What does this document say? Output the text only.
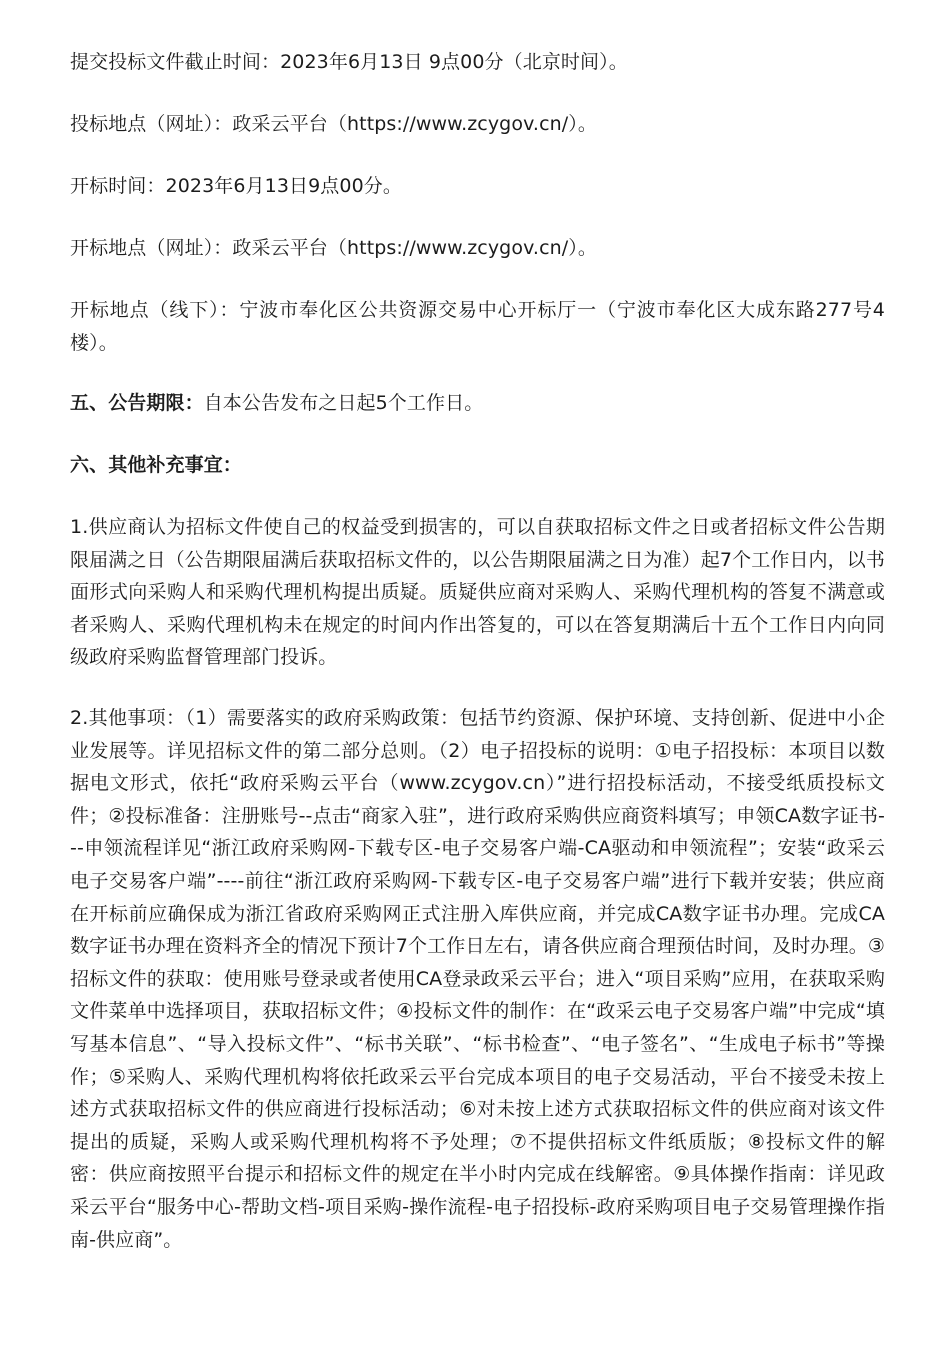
提交投标文件截止时间：2023年6月13日 9点00分（北京时间）。

投标地点（网址）：政采云平台（https://www.zcygov.cn/）。

开标时间：2023年6月13日9点00分。

开标地点（网址）：政采云平台（https://www.zcygov.cn/）。

开标地点（线下）：宁波市奉化区公共资源交易中心开标厅一（宁波市奉化区大成东路277号4楼）。

五、公告期限：自本公告发布之日起5个工作日。

六、其他补充事宜：

1.供应商认为招标文件使自己的权益受到损害的，可以自获取招标文件之日或者招标文件公告期限届满之日（公告期限届满后获取招标文件的，以公告期限届满之日为准）起7个工作日内，以书面形式向采购人和采购代理机构提出质疑。质疑供应商对采购人、采购代理机构的答复不满意或者采购人、采购代理机构未在规定的时间内作出答复的，可以在答复期满后十五个工作日内向同级政府采购监督管理部门投诉。

2.其他事项：（1）需要落实的政府采购政策：包括节约资源、保护环境、支持创新、促进中小企业发展等。详见招标文件的第二部分总则。（2）电子招投标的说明：①电子招投标：本项目以数据电文形式，依托“政府采购云平台（www.zcygov.cn）”进行招投标活动，不接受纸质投标文件；②投标准备：注册账号--点击“商家入驻”，进行政府采购供应商资料填写；申领CA数字证书---申领流程详见“浙江政府采购网-下载专区-电子交易客户端-CA驱动和申领流程”；安装“政采云电子交易客户端”----前往“浙江政府采购网-下载专区-电子交易客户端”进行下载并安装；供应商在开标前应确保成为浙江省政府采购网正式注册入库供应商，并完成CA数字证书办理。完成CA数字证书办理在资料齐全的情况下预计7个工作日左右，请各供应商合理预估时间，及时办理。③招标文件的获取：使用账号登录或者使用CA登录政采云平台；进入“项目采购”应用，在获取采购文件菜单中选择项目，获取招标文件；④投标文件的制作：在“政采云电子交易客户端”中完成“填写基本信息”、“导入投标文件”、“标书关联”、“标书检查”、“电子签名”、“生成电子标书”等操作；⑤采购人、采购代理机构将依托政采云平台完成本项目的电子交易活动，平台不接受未按上述方式获取招标文件的供应商进行投标活动；⑥对未按上述方式获取招标文件的供应商对该文件提出的质疑，采购人或采购代理机构将不予处理；⑦不提供招标文件纸质版；⑧投标文件的解密：供应商按照平台提示和招标文件的规定在半小时内完成在线解密。⑨具体操作指南：详见政采云平台“服务中心-帮助文档-项目采购-操作流程-电子招投标-政府采购项目电子交易管理操作指南-供应商”。
